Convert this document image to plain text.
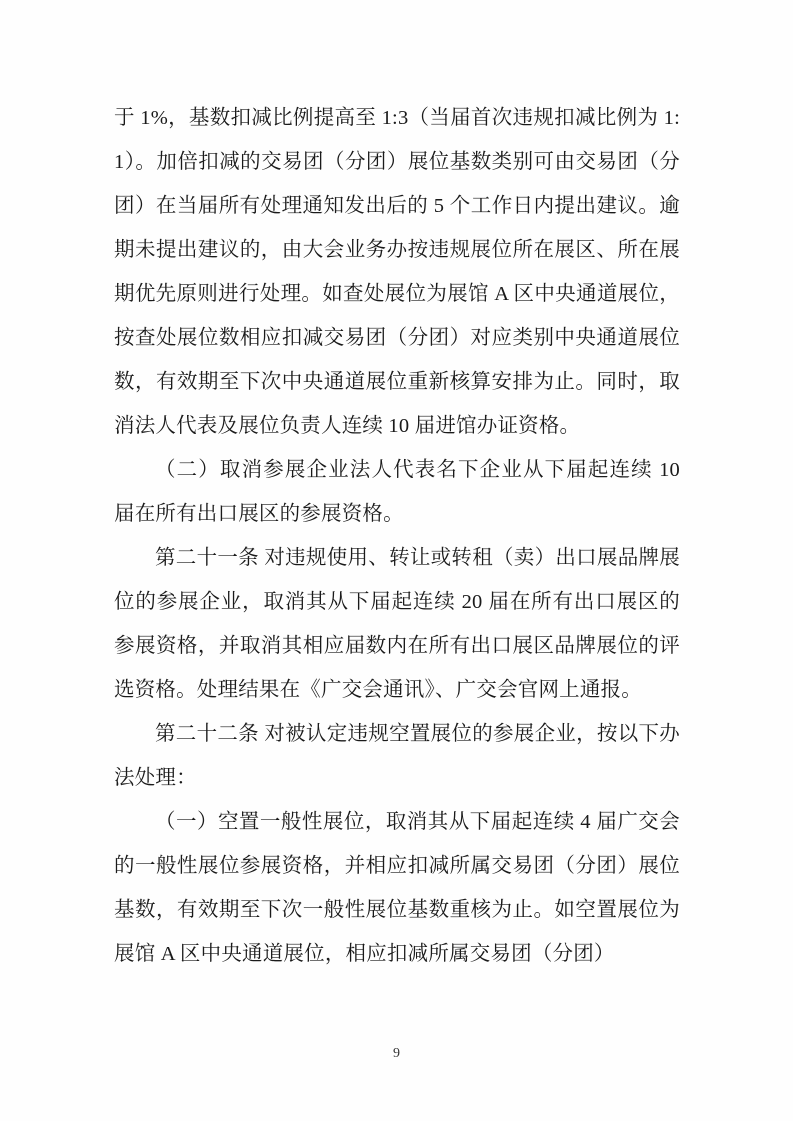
于 1%，基数扣减比例提高至 1:3（当届首次违规扣减比例为 1:1）。加倍扣减的交易团（分团）展位基数类别可由交易团（分团）在当届所有处理通知发出后的 5 个工作日内提出建议。逾期未提出建议的，由大会业务办按违规展位所在展区、所在展期优先原则进行处理。如查处展位为展馆 A 区中央通道展位，按查处展位数相应扣减交易团（分团）对应类别中央通道展位数，有效期至下次中央通道展位重新核算安排为止。同时，取消法人代表及展位负责人连续 10 届进馆办证资格。

（二）取消参展企业法人代表名下企业从下届起连续 10 届在所有出口展区的参展资格。

第二十一条 对违规使用、转让或转租（卖）出口展品牌展位的参展企业，取消其从下届起连续 20 届在所有出口展区的参展资格，并取消其相应届数内在所有出口展区品牌展位的评选资格。处理结果在《广交会通讯》、广交会官网上通报。

第二十二条 对被认定违规空置展位的参展企业，按以下办法处理：

（一）空置一般性展位，取消其从下届起连续 4 届广交会的一般性展位参展资格，并相应扣减所属交易团（分团）展位基数，有效期至下次一般性展位基数重核为止。如空置展位为展馆 A 区中央通道展位，相应扣减所属交易团（分团）

9
